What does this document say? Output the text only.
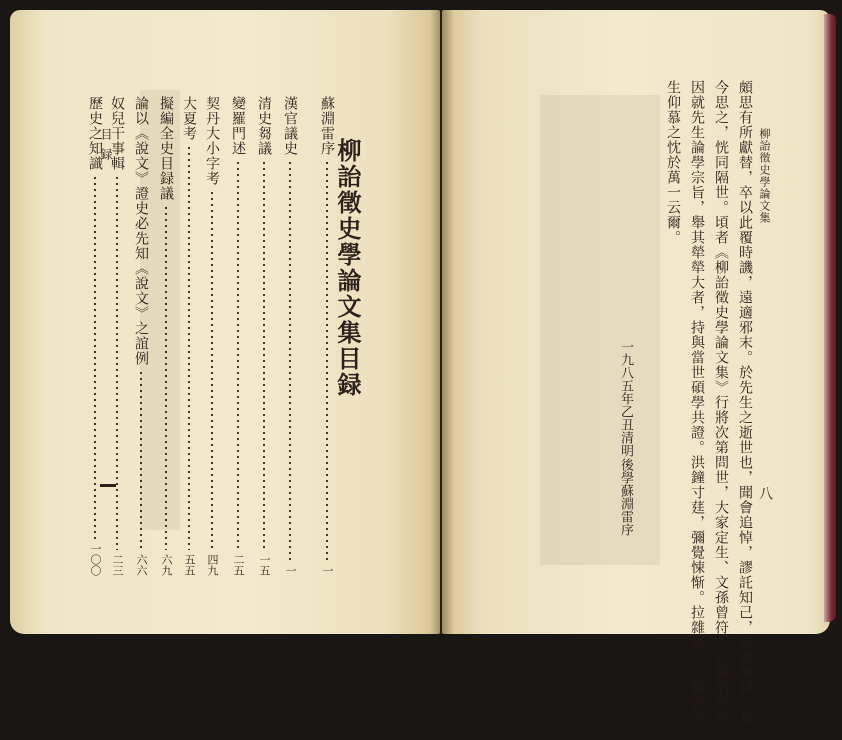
目録	柳詒徵史學論文集目録
蘇淵雷序
一
漢官議史
一
清史芻議
一五
變羅門述
二五
契丹大小字考
四九
大夏考
五五
擬編全史目録議
六九
論以《說文》證史必先知《說文》之誼例
六六
奴兒干事輯
二三
歷史之知識
一〇〇
柳詒徵史學論文集
八
頗思有所獻替，卒以此覆時譏，遠適邪末。於先生之逝世也，聞會追悼，謬託知己，爲致悼詞。及
今思之，恍同隔世。頃者《柳詒徵史學論文集》行將次第問世，大家定生、文孫曾符不以鄙陋見外，
因就先生論學宗旨，舉其犖犖大者，持與當世碩學共證。洪鐘寸莛，彌覺悚惭。拉雜書之，聊表平
生仰慕之忱於萬一云爾。
一九八五年乙丑清明
後學蘇淵雷序
